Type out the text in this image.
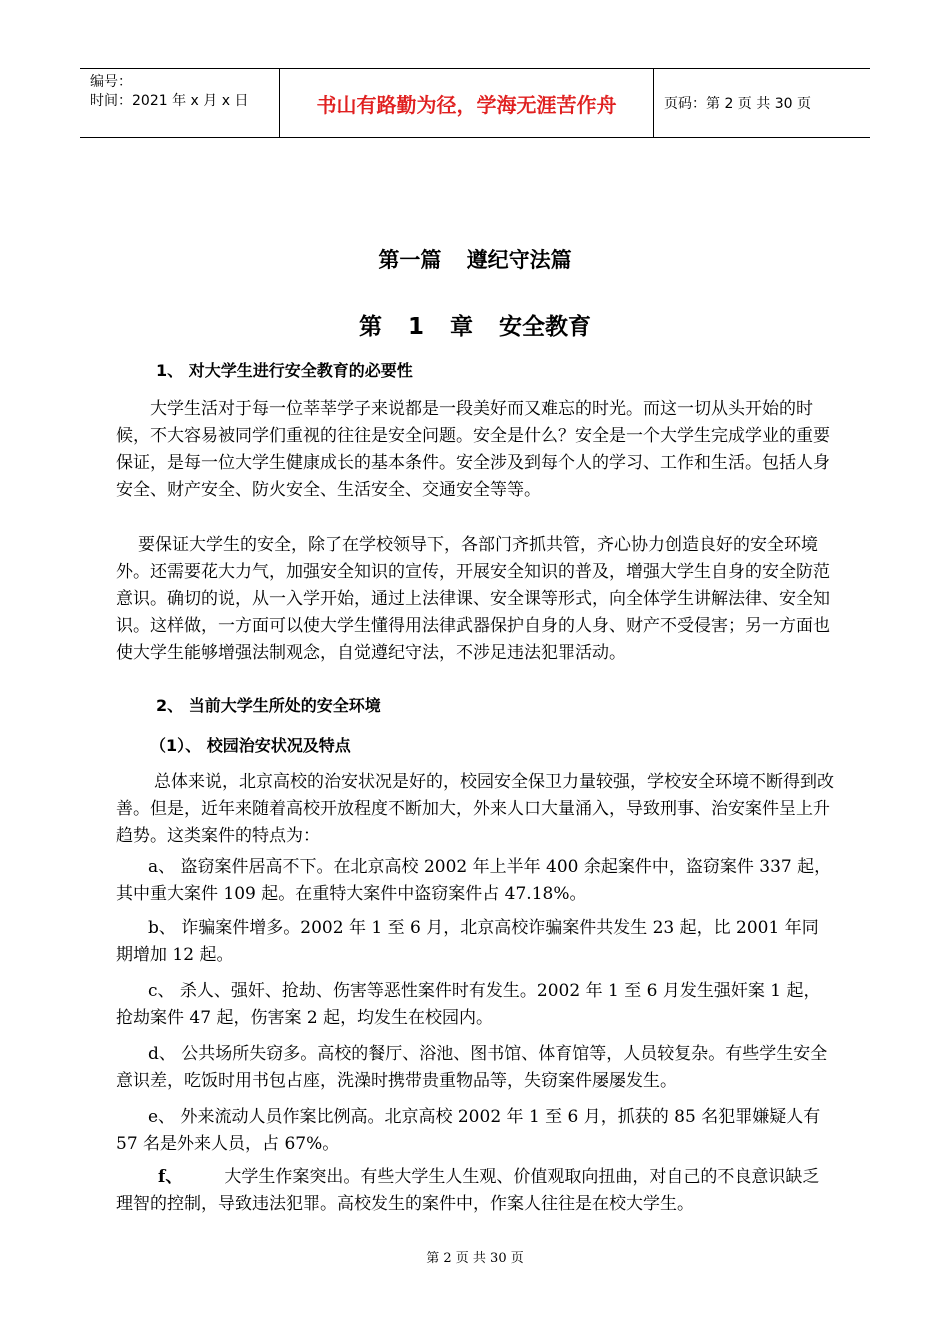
编号：
时间：2021 年 x 月 x 日	书山有路勤为径，学海无涯苦作舟	页码：第 2 页 共 30 页
第一篇 遵纪守法篇
第 1 章 安全教育
1、 对大学生进行安全教育的必要性
大学生活对于每一位莘莘学子来说都是一段美好而又难忘的时光。而这一切从头开始的时候，不大容易被同学们重视的往往是安全问题。安全是什么？安全是一个大学生完成学业的重要保证，是每一位大学生健康成长的基本条件。安全涉及到每个人的学习、工作和生活。包括人身安全、财产安全、防火安全、生活安全、交通安全等等。
要保证大学生的安全，除了在学校领导下，各部门齐抓共管，齐心协力创造良好的安全环境外。还需要花大力气，加强安全知识的宣传，开展安全知识的普及，增强大学生自身的安全防范意识。确切的说，从一入学开始，通过上法律课、安全课等形式，向全体学生讲解法律、安全知识。这样做，一方面可以使大学生懂得用法律武器保护自身的人身、财产不受侵害；另一方面也使大学生能够增强法制观念，自觉遵纪守法，不涉足违法犯罪活动。
2、 当前大学生所处的安全环境
（1）、 校园治安状况及特点
总体来说，北京高校的治安状况是好的，校园安全保卫力量较强，学校安全环境不断得到改善。但是，近年来随着高校开放程度不断加大，外来人口大量涌入，导致刑事、治安案件呈上升趋势。这类案件的特点为：
a、 盗窃案件居高不下。在北京高校 2002 年上半年 400 余起案件中，盗窃案件 337 起，其中重大案件 109 起。在重特大案件中盗窃案件占 47.18%。
b、 诈骗案件增多。2002 年 1 至 6 月，北京高校诈骗案件共发生 23 起，比 2001 年同期增加 12 起。
c、 杀人、强奸、抢劫、伤害等恶性案件时有发生。2002 年 1 至 6 月发生强奸案 1 起，抢劫案件 47 起，伤害案 2 起，均发生在校园内。
d、 公共场所失窃多。高校的餐厅、浴池、图书馆、体育馆等，人员较复杂。有些学生安全意识差，吃饭时用书包占座，洗澡时携带贵重物品等，失窃案件屡屡发生。
e、 外来流动人员作案比例高。北京高校 2002 年 1 至 6 月，抓获的 85 名犯罪嫌疑人有 57 名是外来人员，占 67%。
f、 大学生作案突出。有些大学生人生观、价值观取向扭曲，对自己的不良意识缺乏理智的控制，导致违法犯罪。高校发生的案件中，作案人往往是在校大学生。
第 2 页 共 30 页
